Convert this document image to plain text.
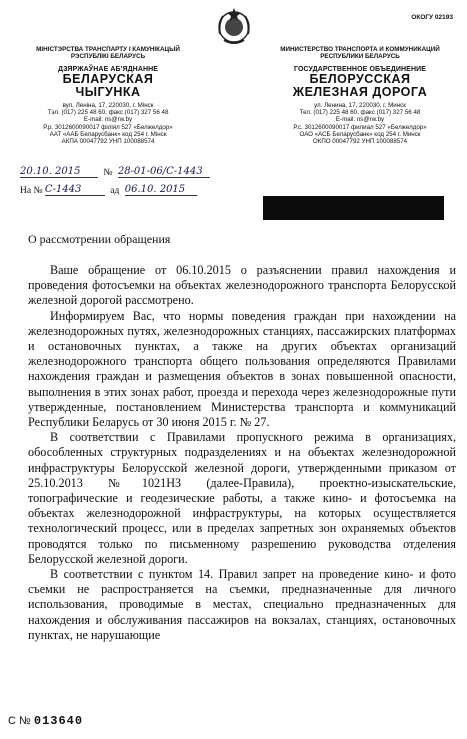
ОКОГУ 02193
МІНІСТЭРСТВА ТРАНСПАРТУ І КАМУНІКАЦЫЙ РЭСПУБЛІКІ БЕЛАРУСЬ
ДЗЯРЖАЎНАЕ АБ'ЯДНАННЕ
БЕЛАРУСКАЯ
ЧЫГУНКА
вул. Леніна, 17, 220030, г. Мінск
Тэл. (017) 225 48 60, факс (017) 327 56 48
E-mail: ns@rw.by
Р.р. 3012600090017 філіял 527 «Белжелдор»
ААТ «ААБ Беларусбанк» код 254 г. Мінск
АКПА 00047792 УНП 100088574
МИНИСТЕРСТВО ТРАНСПОРТА И КОММУНИКАЦИЙ РЕСПУБЛИКИ БЕЛАРУСЬ
ГОСУДАРСТВЕННОЕ ОБЪЕДИНЕНИЕ
БЕЛОРУССКАЯ
ЖЕЛЕЗНАЯ ДОРОГА
ул. Ленина, 17, 220030, г. Минск
Тел. (017) 225 48 60, факс (017) 327 56 48
E-mail: ns@rw.by
Р.с. 3012600090017 филиал 527 «Белжелдор»
ОАО «АСБ Беларусбанк» код 254 г. Минск
ОКПО 00047792 УНП 100088574
20.10. 2015 № 28-01-06/С-1443
На № С-1443	ад 06.10. 2015
О рассмотрении обращения

Ваше обращение от 06.10.2015 о разъяснении правил нахождения и проведения фотосъемки на объектах железнодорожного транспорта Белорусской железной дорогой рассмотрено.

Информируем Вас, что нормы поведения граждан при нахождении на железнодорожных путях, железнодорожных станциях, пассажирских платформах и остановочных пунктах, а также на других объектах организаций железнодорожного транспорта общего пользования определяются Правилами нахождения граждан и размещения объектов в зонах повышенной опасности, выполнения в этих зонах работ, проезда и перехода через железнодорожные пути утвержденные, постановлением Министерства транспорта и коммуникаций Республики Беларусь от 30 июня 2015 г. № 27.

В соответствии с Правилами пропускного режима в организациях, обособленных структурных подразделениях и на объектах железнодорожной инфраструктуры Белорусской железной дороги, утвержденными приказом от 25.10.2013 №1021НЗ (далее-Правила), проектно-изыскательские, топографические и геодезические работы, а также кино- и фотосъемка на объектах железнодорожной инфраструктуры, на которых осуществляется технологический процесс, или в пределах запретных зон охраняемых объектов проводятся только по письменному разрешению руководства отделения Белорусской железной дороги.

В соответствии с пунктом 14. Правил запрет на проведение кино- и фото съемки не распространяется на съемки, предназначенные для личного использования, проводимые в местах, специально предназначенных для нахождения и обслуживания пассажиров на вокзалах, станциях, остановочных пунктах, не нарушающие

С № 013640
